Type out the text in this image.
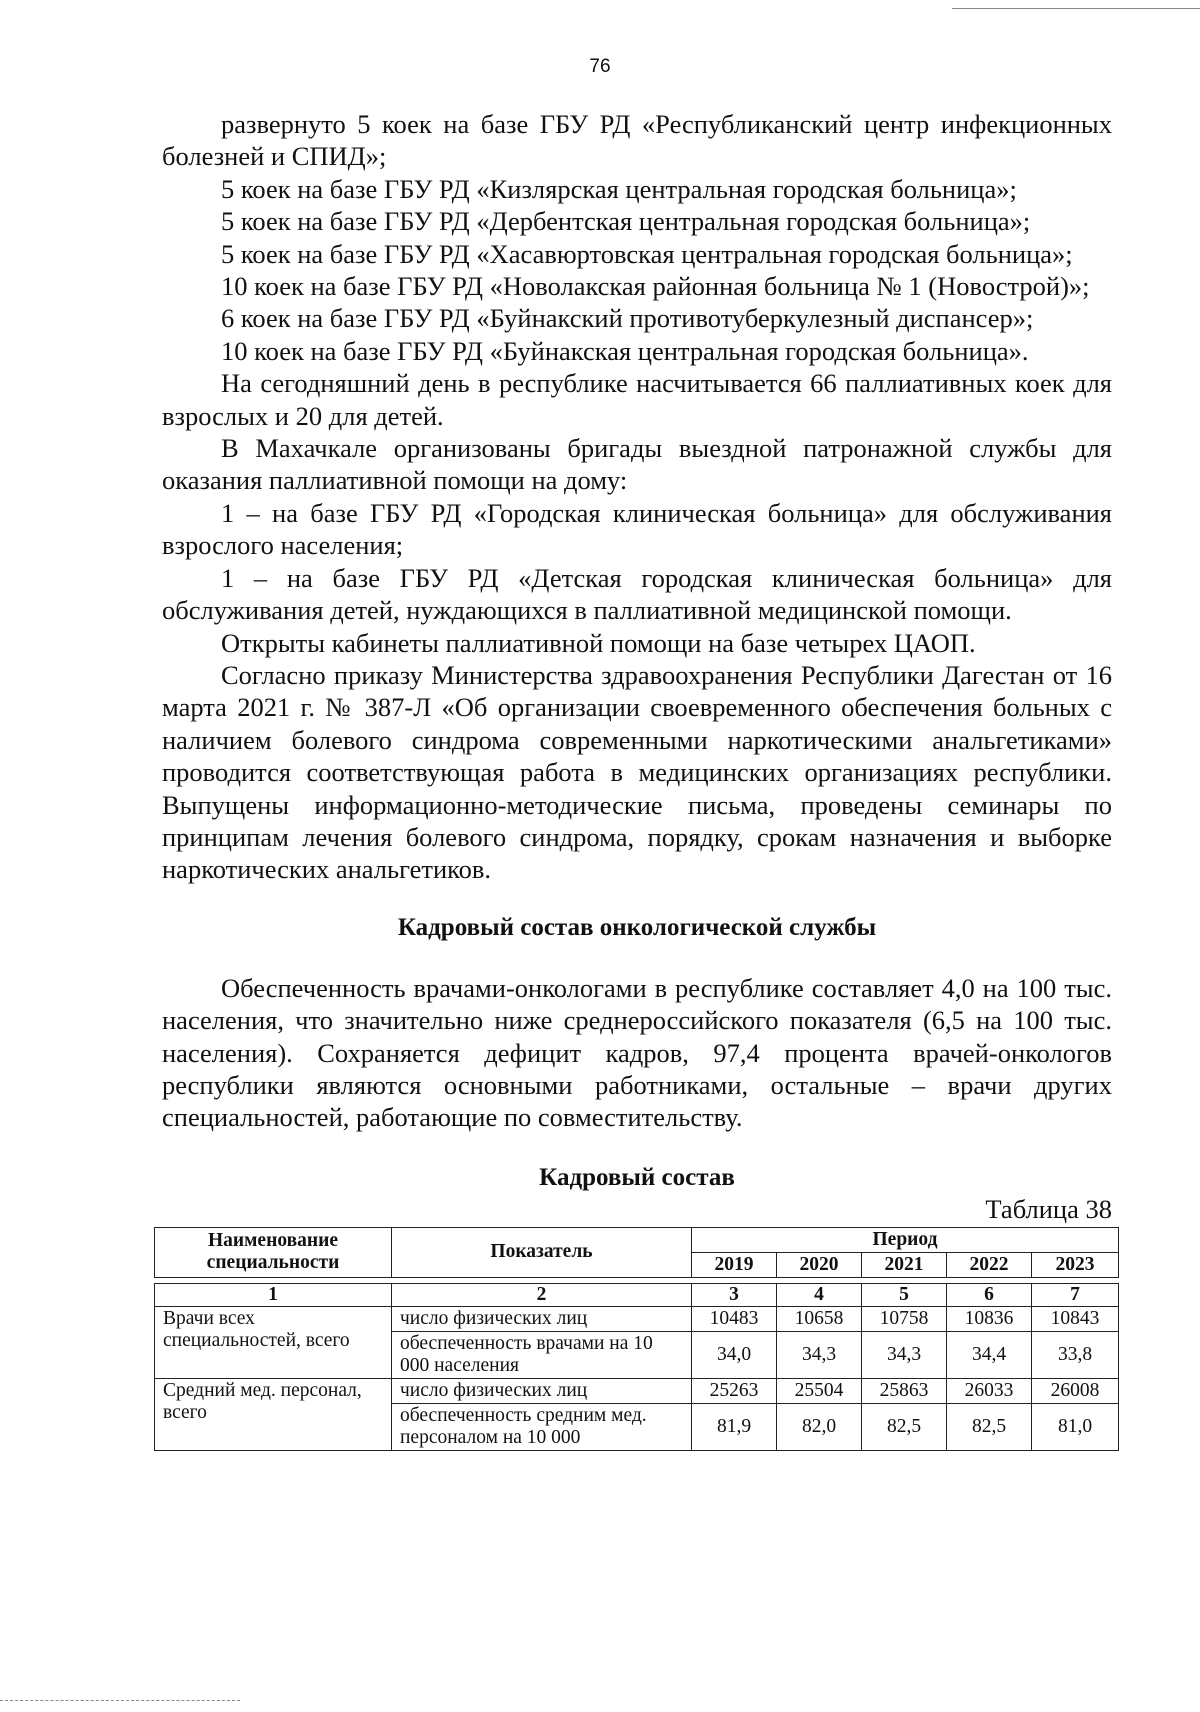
76

развернуто 5 коек на базе ГБУ РД «Республиканский центр инфекционных болезней и СПИД»;

5 коек на базе ГБУ РД «Кизлярская центральная городская больница»;

5 коек на базе ГБУ РД «Дербентская центральная городская больница»;

5 коек на базе ГБУ РД «Хасавюртовская центральная городская больница»;

10 коек на базе ГБУ РД «Новолакская районная больница № 1 (Новострой)»;

6 коек на базе ГБУ РД «Буйнакский противотуберкулезный диспансер»;

10 коек на базе ГБУ РД «Буйнакская центральная городская больница».

На сегодняшний день в республике насчитывается 66 паллиативных коек для взрослых и 20 для детей.

В Махачкале организованы бригады выездной патронажной службы для оказания паллиативной помощи на дому:

1 – на базе ГБУ РД «Городская клиническая больница» для обслуживания взрослого населения;

1 – на базе ГБУ РД «Детская городская клиническая больница» для обслуживания детей, нуждающихся в паллиативной медицинской помощи.

Открыты кабинеты паллиативной помощи на базе четырех ЦАОП.

Согласно приказу Министерства здравоохранения Республики Дагестан от 16 марта 2021 г. № 387-Л «Об организации своевременного обеспечения больных с наличием болевого синдрома современными наркотическими анальгетиками» проводится соответствующая работа в медицинских организациях республики. Выпущены информационно-методические письма, проведены семинары по принципам лечения болевого синдрома, порядку, срокам назначения и выборке наркотических анальгетиков.

Кадровый состав онкологической службы

Обеспеченность врачами-онкологами в республике составляет 4,0 на 100 тыс. населения, что значительно ниже среднероссийского показателя (6,5 на 100 тыс. населения). Сохраняется дефицит кадров, 97,4 процента врачей-онкологов республики являются основными работниками, остальные – врачи других специальностей, работающие по совместительству.

Кадровый состав

Таблица 38

Наименование специальности	Показатель	Период				
		2019	2020	2021	2022	2023

1	2	3	4	5	6	7
Врачи всех специальностей, всего	число физических лиц	10483	10658	10758	10836	10843
	обеспеченность врачами на 10 000 населения	34,0	34,3	34,3	34,4	33,8
Средний мед. персонал, всего	число физических лиц	25263	25504	25863	26033	26008
	обеспеченность средним мед. персоналом на 10 000	81,9	82,0	82,5	82,5	81,0
